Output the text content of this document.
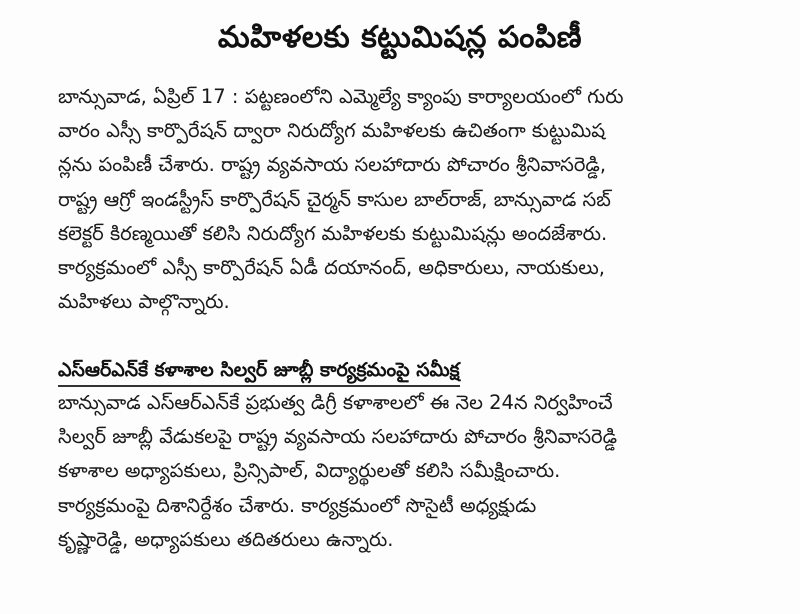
మహిళలకు కట్టుమిషన్ల పంపిణీ
బాన్సువాడ, ఏప్రిల్ 17 : పట్టణంలోని ఎమ్మెల్యే క్యాంపు కార్యాలయంలో గురు
వారం ఎస్సీ కార్పొరేషన్ ద్వారా నిరుద్యోగ మహిళలకు ఉచితంగా కుట్టుమిష
న్లను పంపిణీ చేశారు. రాష్ట్ర వ్యవసాయ సలహాదారు పోచారం శ్రీనివాసరెడ్డి,
రాష్ట్ర ఆగ్రో ఇండస్ట్రీస్ కార్పొరేషన్ చైర్మన్ కాసుల బాల్‌రాజ్, బాన్సువాడ సబ్
కలెక్టర్ కిరణ్మయితో కలిసి నిరుద్యోగ మహిళలకు కుట్టుమిషన్లు అందజేశారు.
కార్యక్రమంలో ఎస్సీ కార్పొరేషన్ ఏడీ దయానంద్, అధికారులు, నాయకులు,
మహిళలు పాల్గొన్నారు.
ఎస్ఆర్ఎన్‌కే కళాశాల సిల్వర్ జూబ్లీ కార్యక్రమంపై సమీక్ష
బాన్సువాడ ఎస్ఆర్ఎన్‌కే ప్రభుత్వ డిగ్రీ కళాశాలలో ఈ నెల 24న నిర్వహించే
సిల్వర్ జూబ్లీ వేడుకలపై రాష్ట్ర వ్యవసాయ సలహాదారు పోచారం శ్రీనివాసరెడ్డి
కళాశాల అధ్యాపకులు, ప్రిన్సిపాల్, విద్యార్థులతో కలిసి సమీక్షించారు.
కార్యక్రమంపై దిశానిర్దేశం చేశారు. కార్యక్రమంలో సొసైటీ అధ్యక్షుడు
కృష్ణారెడ్డి, అధ్యాపకులు తదితరులు ఉన్నారు.
